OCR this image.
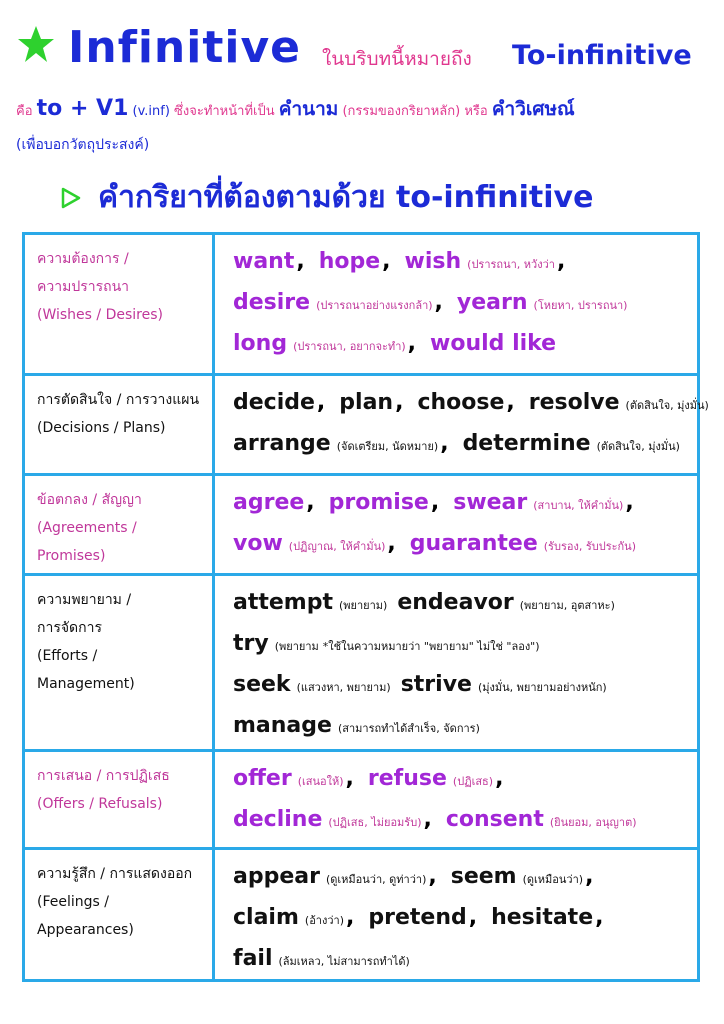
Infinitive ในบริบทนี้หมายถึง To-infinitive
คือ to + V1 (v.inf) ซึ่งจะทำหน้าที่เป็น คำนาม (กรรมของกริยาหลัก) หรือ คำวิเศษณ์
(เพื่อบอกวัตถุประสงค์)
คำกริยาที่ต้องตามด้วย to-infinitive
ความต้องการ /
ความปรารถนา
(Wishes / Desires)
want, hope, wish (ปรารถนา, หวังว่า,
desire (ปรารถนาอย่างแรงกล้า), yearn (โหยหา, ปรารถนา)
long (ปรารถนา, อยากจะทำ), would like
การตัดสินใจ / การวางแผน
(Decisions / Plans)
decide, plan, choose, resolve (ตัดสินใจ, มุ่งมั่น)
arrange (จัดเตรียม, นัดหมาย), determine (ตัดสินใจ, มุ่งมั่น)
ข้อตกลง / สัญญา
(Agreements /
Promises)
agree, promise, swear (สาบาน, ให้คำมั่น),
vow (ปฏิญาณ, ให้คำมั่น), guarantee (รับรอง, รับประกัน)
ความพยายาม /
การจัดการ
(Efforts /
Management)
attempt (พยายาม) endeavor (พยายาม, อุตสาหะ)
try (พยายาม *ใช้ในความหมายว่า "พยายาม" ไม่ใช่ "ลอง")
seek (แสวงหา, พยายาม) strive (มุ่งมั่น, พยายามอย่างหนัก)
manage (สามารถทำได้สำเร็จ, จัดการ)
การเสนอ / การปฏิเสธ
(Offers / Refusals)
offer (เสนอให้), refuse (ปฏิเสธ),
decline (ปฏิเสธ, ไม่ยอมรับ), consent (ยินยอม, อนุญาต)
ความรู้สึก / การแสดงออก
(Feelings /
Appearances)
appear (ดูเหมือนว่า, ดูท่าว่า), seem (ดูเหมือนว่า),
claim (อ้างว่า), pretend, hesitate,
fail (ล้มเหลว, ไม่สามารถทำได้)
